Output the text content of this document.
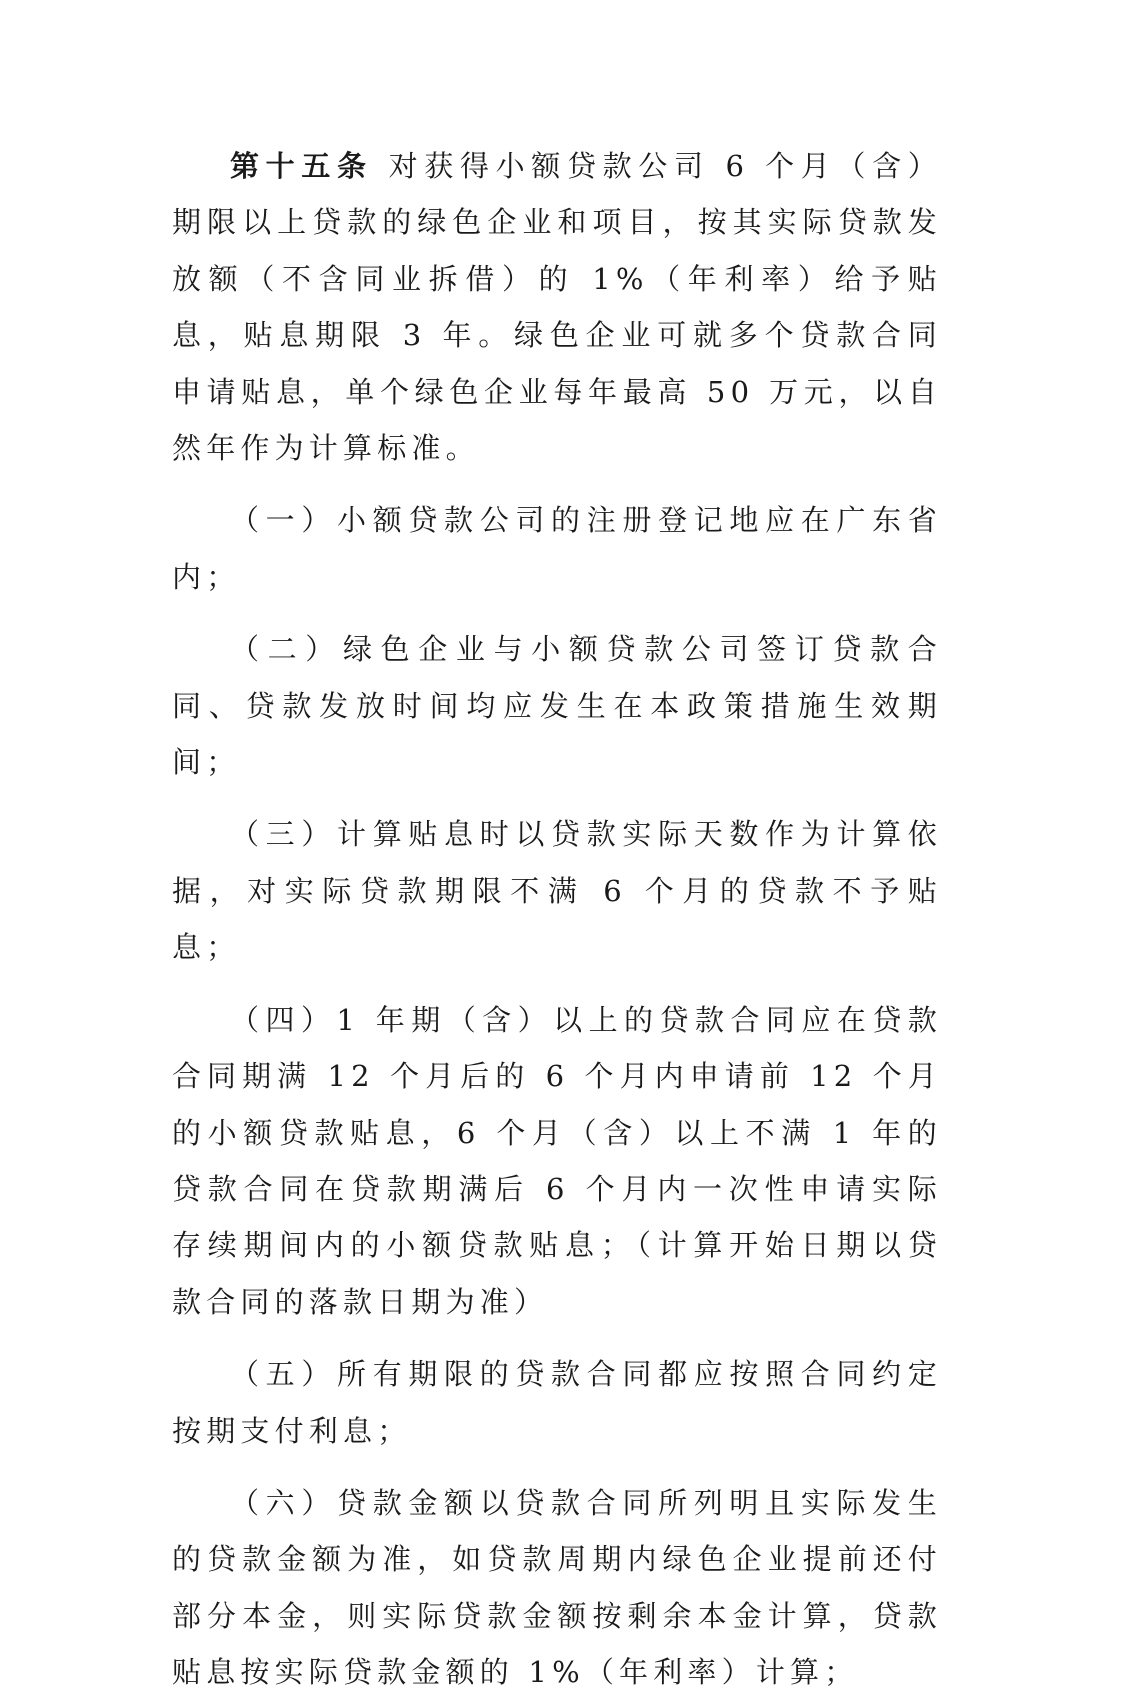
第十五条 对获得小额贷款公司 6 个月（含）期限以上贷款的绿色企业和项目，按其实际贷款发放额（不含同业拆借）的 1%（年利率）给予贴息，贴息期限 3 年。绿色企业可就多个贷款合同申请贴息，单个绿色企业每年最高 50 万元，以自然年作为计算标准。

（一）小额贷款公司的注册登记地应在广东省内；

（二）绿色企业与小额贷款公司签订贷款合同、贷款发放时间均应发生在本政策措施生效期间；

（三）计算贴息时以贷款实际天数作为计算依据，对实际贷款期限不满 6 个月的贷款不予贴息；

（四）1 年期（含）以上的贷款合同应在贷款合同期满 12 个月后的 6 个月内申请前 12 个月的小额贷款贴息，6 个月（含）以上不满 1 年的贷款合同在贷款期满后 6 个月内一次性申请实际存续期间内的小额贷款贴息；（计算开始日期以贷款合同的落款日期为准）

（五）所有期限的贷款合同都应按照合同约定按期支付利息；

（六）贷款金额以贷款合同所列明且实际发生的贷款金额为准，如贷款周期内绿色企业提前还付部分本金，则实际贷款金额按剩余本金计算，贷款贴息按实际贷款金额的 1%（年利率）计算；
